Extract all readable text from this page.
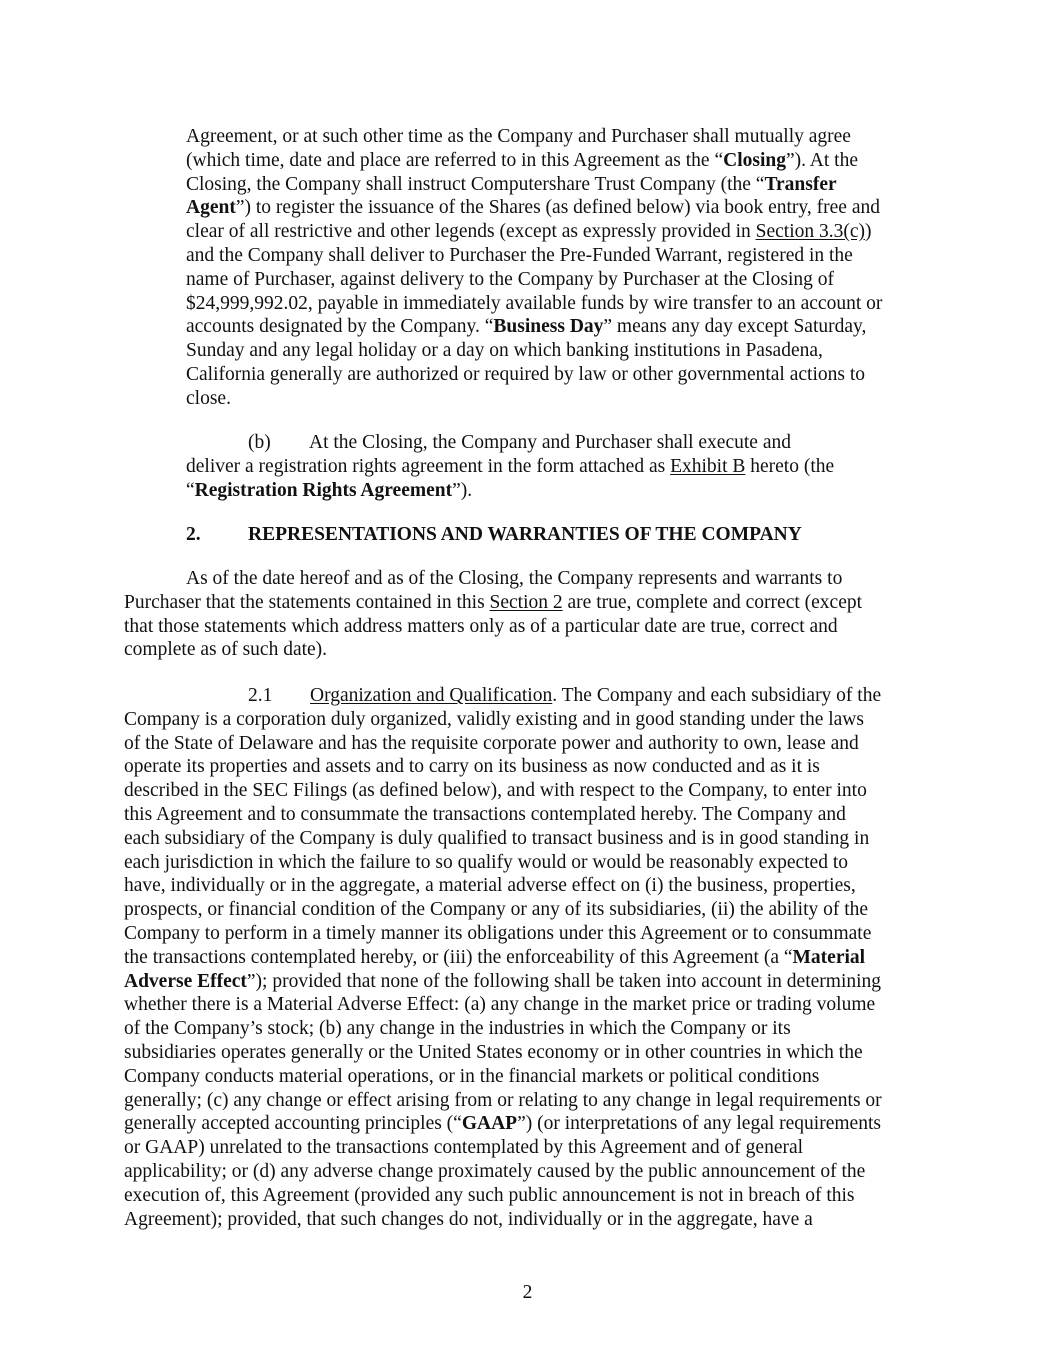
Agreement, or at such other time as the Company and Purchaser shall mutually agree
(which time, date and place are referred to in this Agreement as the “Closing”). At the
Closing, the Company shall instruct Computershare Trust Company (the “Transfer
Agent”) to register the issuance of the Shares (as defined below) via book entry, free and
clear of all restrictive and other legends (except as expressly provided in Section 3.3(c))
and the Company shall deliver to Purchaser the Pre-Funded Warrant, registered in the
name of Purchaser, against delivery to the Company by Purchaser at the Closing of
$24,999,992.02, payable in immediately available funds by wire transfer to an account or
accounts designated by the Company. “Business Day” means any day except Saturday,
Sunday and any legal holiday or a day on which banking institutions in Pasadena,
California generally are authorized or required by law or other governmental actions to
close.
(b) At the Closing, the Company and Purchaser shall execute and
deliver a registration rights agreement in the form attached as Exhibit B hereto (the
“Registration Rights Agreement”).
2. REPRESENTATIONS AND WARRANTIES OF THE COMPANY
As of the date hereof and as of the Closing, the Company represents and warrants to
Purchaser that the statements contained in this Section 2 are true, complete and correct (except
that those statements which address matters only as of a particular date are true, correct and
complete as of such date).
2.1 Organization and Qualification. The Company and each subsidiary of the
Company is a corporation duly organized, validly existing and in good standing under the laws
of the State of Delaware and has the requisite corporate power and authority to own, lease and
operate its properties and assets and to carry on its business as now conducted and as it is
described in the SEC Filings (as defined below), and with respect to the Company, to enter into
this Agreement and to consummate the transactions contemplated hereby. The Company and
each subsidiary of the Company is duly qualified to transact business and is in good standing in
each jurisdiction in which the failure to so qualify would or would be reasonably expected to
have, individually or in the aggregate, a material adverse effect on (i) the business, properties,
prospects, or financial condition of the Company or any of its subsidiaries, (ii) the ability of the
Company to perform in a timely manner its obligations under this Agreement or to consummate
the transactions contemplated hereby, or (iii) the enforceability of this Agreement (a “Material
Adverse Effect”); provided that none of the following shall be taken into account in determining
whether there is a Material Adverse Effect: (a) any change in the market price or trading volume
of the Company’s stock; (b) any change in the industries in which the Company or its
subsidiaries operates generally or the United States economy or in other countries in which the
Company conducts material operations, or in the financial markets or political conditions
generally; (c) any change or effect arising from or relating to any change in legal requirements or
generally accepted accounting principles (“GAAP”) (or interpretations of any legal requirements
or GAAP) unrelated to the transactions contemplated by this Agreement and of general
applicability; or (d) any adverse change proximately caused by the public announcement of the
execution of, this Agreement (provided any such public announcement is not in breach of this
Agreement); provided, that such changes do not, individually or in the aggregate, have a
2
